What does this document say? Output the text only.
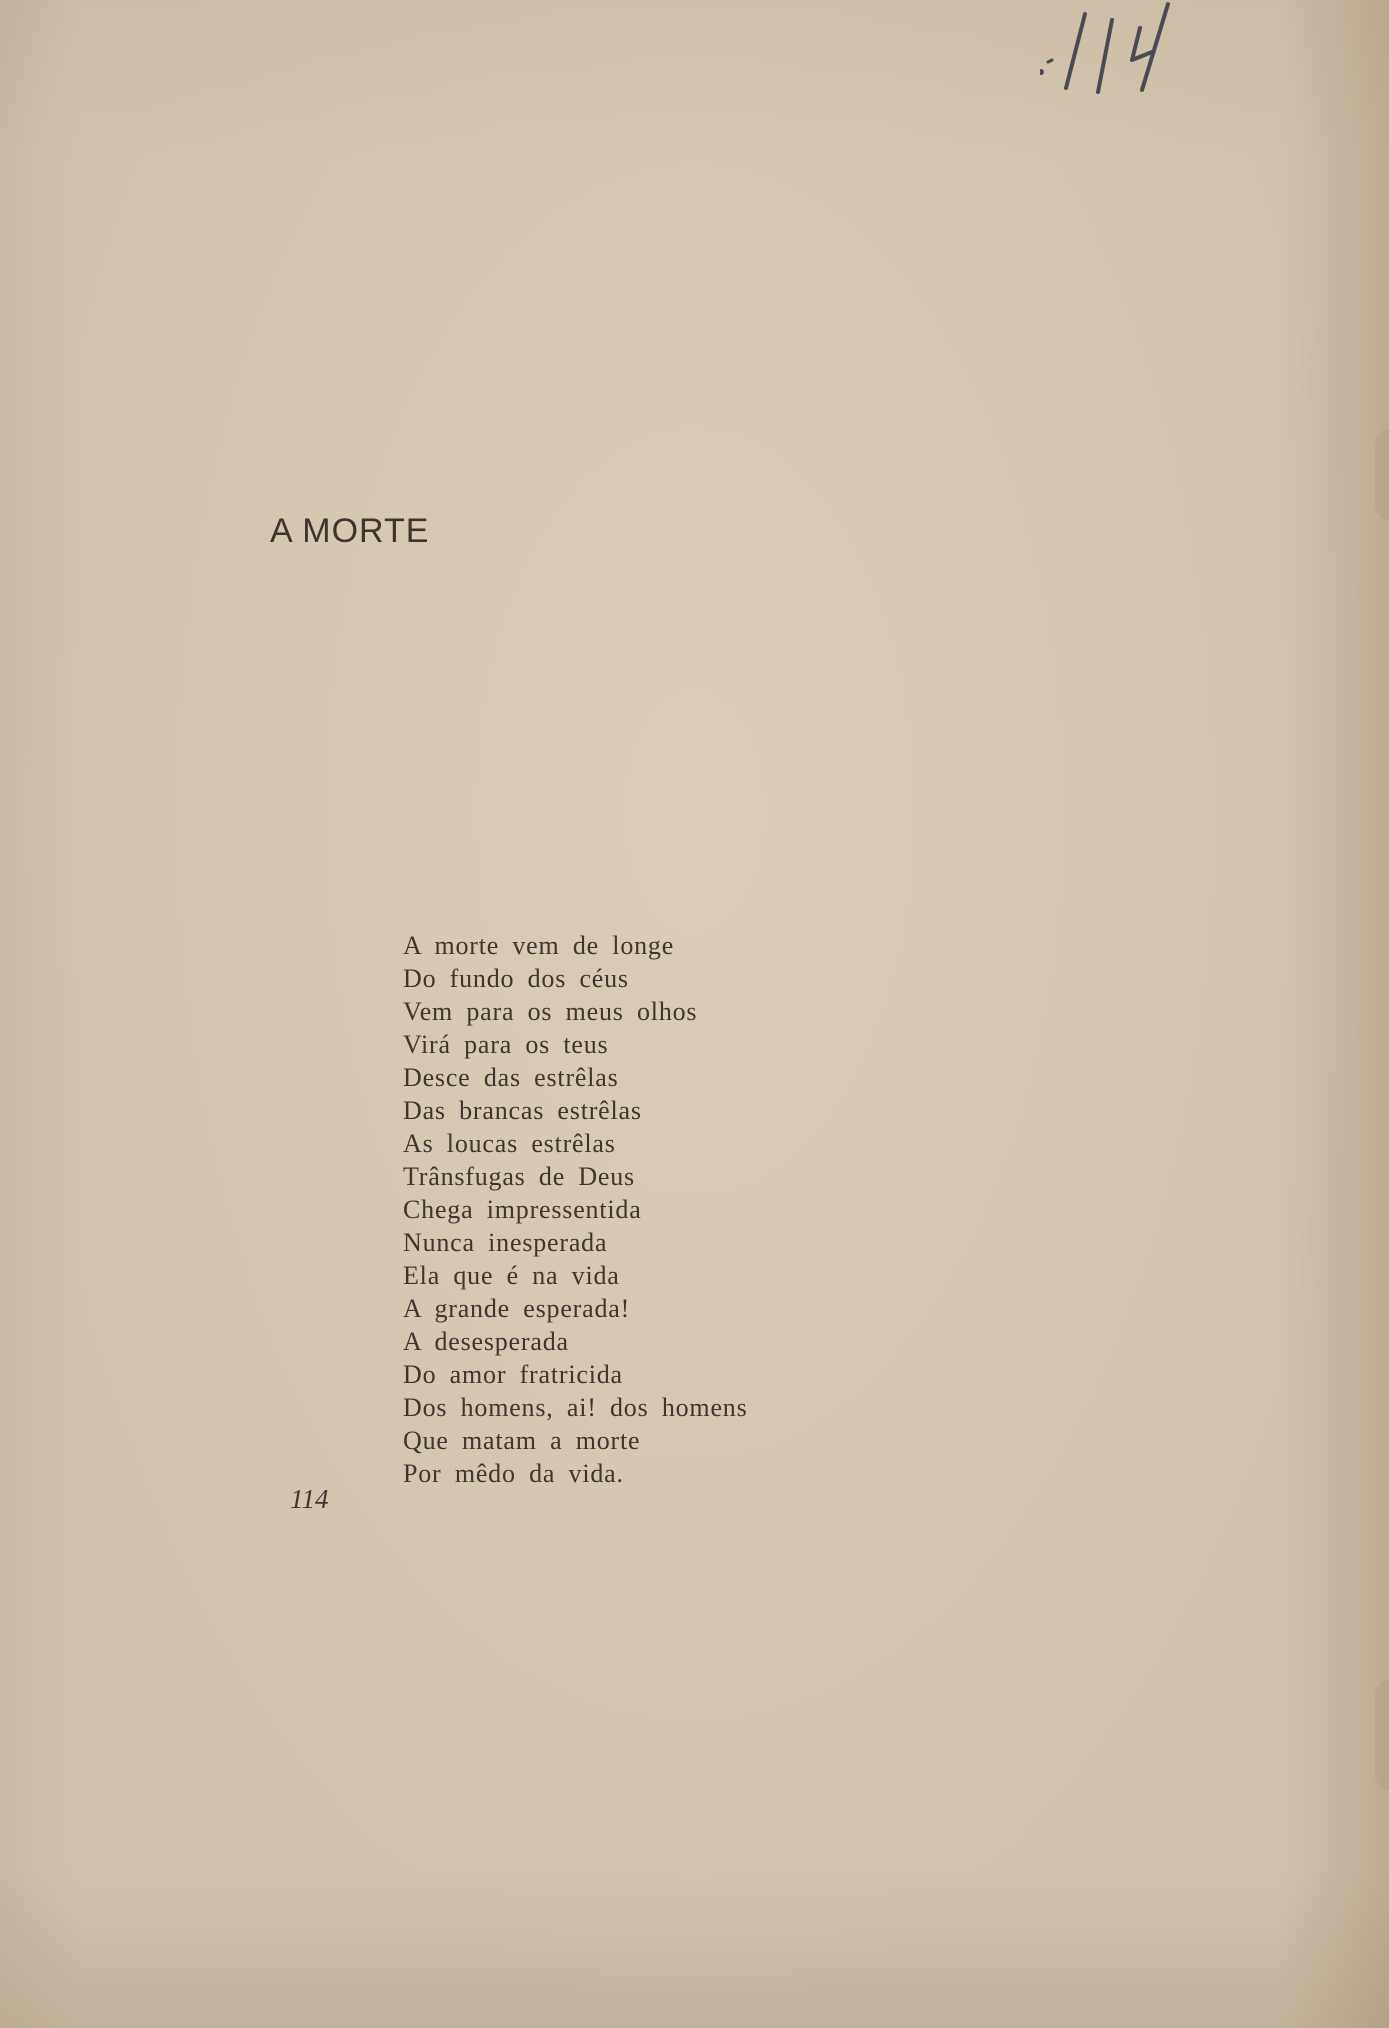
A MORTE
A morte vem de longe
Do fundo dos céus
Vem para os meus olhos
Virá para os teus
Desce das estrêlas
Das brancas estrêlas
As loucas estrêlas
Trânsfugas de Deus
Chega impressentida
Nunca inesperada
Ela que é na vida
A grande esperada!
A desesperada
Do amor fratricida
Dos homens, ai! dos homens
Que matam a morte
Por mêdo da vida.
114
